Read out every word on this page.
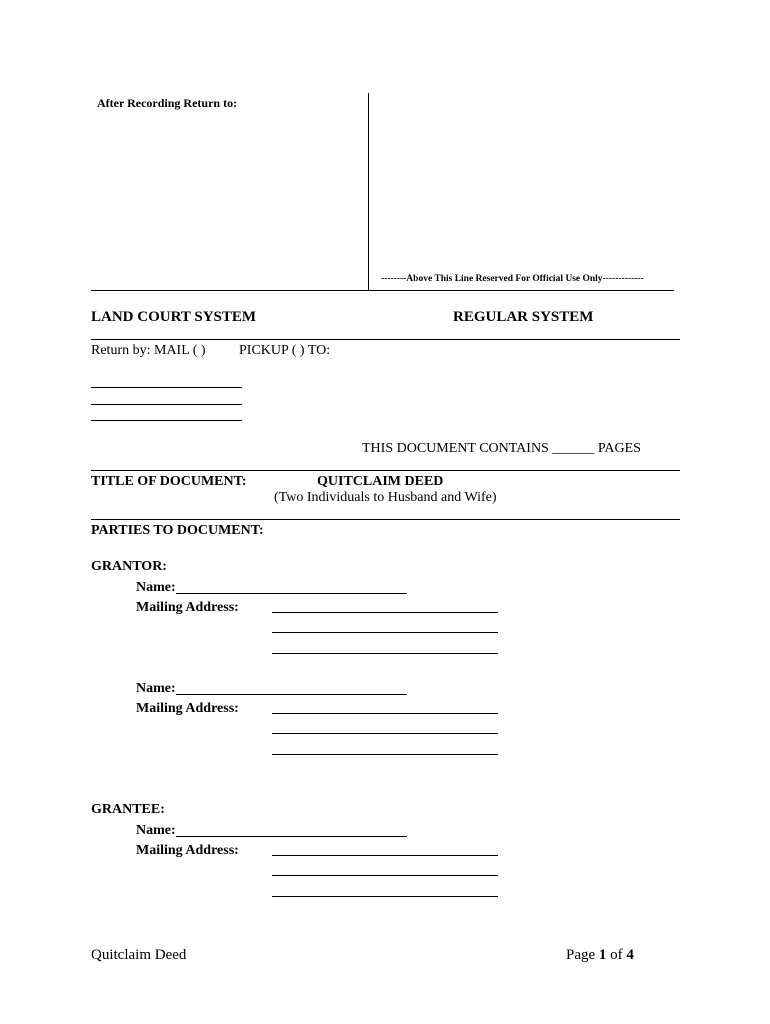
After Recording Return to:
--------Above This Line Reserved For Official Use Only-------------
LAND COURT SYSTEM	REGULAR SYSTEM
Return by: MAIL ( ) PICKUP ( ) TO:
THIS DOCUMENT CONTAINS ______ PAGES
TITLE OF DOCUMENT:	QUITCLAIM DEED
(Two Individuals to Husband and Wife)
PARTIES TO DOCUMENT:
GRANTOR:
Name:
Mailing Address:
Name:
Mailing Address:
GRANTEE:
Name:
Mailing Address:
Quitclaim Deed	Page 1 of 4
